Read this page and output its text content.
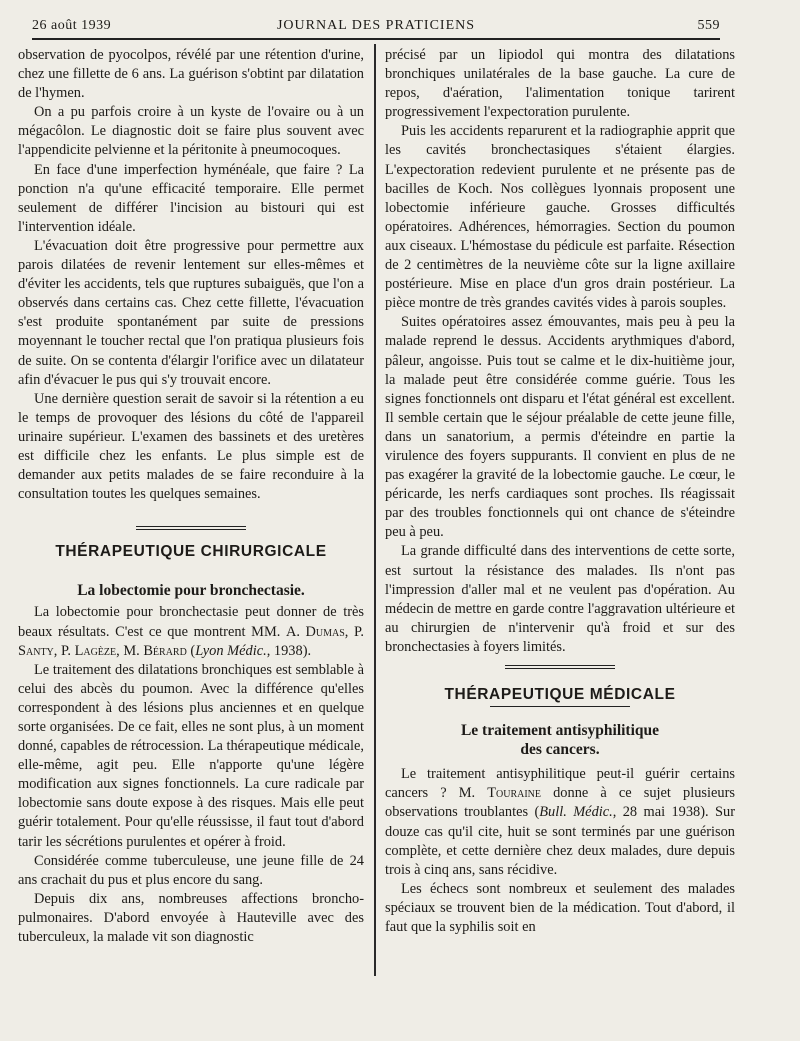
26 août 1939	JOURNAL DES PRATICIENS	559

observation de pyocolpos, révélé par une rétention d'urine, chez une fillette de 6 ans. La guérison s'obtint par dilatation de l'hymen.

On a pu parfois croire à un kyste de l'ovaire ou à un mégacôlon. Le diagnostic doit se faire plus souvent avec l'appendicite pelvienne et la péritonite à pneumocoques.

En face d'une imperfection hyménéale, que faire ? La ponction n'a qu'une efficacité temporaire. Elle permet seulement de différer l'incision au bistouri qui est l'intervention idéale.

L'évacuation doit être progressive pour permettre aux parois dilatées de revenir lentement sur elles-mêmes et d'éviter les accidents, tels que ruptures subaiguës, que l'on a observés dans certains cas. Chez cette fillette, l'évacuation s'est produite spontanément par suite de pressions moyennant le toucher rectal que l'on pratiqua plusieurs fois de suite. On se contenta d'élargir l'orifice avec un dilatateur afin d'évacuer le pus qui s'y trouvait encore.

Une dernière question serait de savoir si la rétention a eu le temps de provoquer des lésions du côté de l'appareil urinaire supérieur. L'examen des bassinets et des uretères est difficile chez les enfants. Le plus simple est de demander aux petits malades de se faire reconduire à la consultation toutes les quelques semaines.

THÉRAPEUTIQUE CHIRURGICALE
La lobectomie pour bronchectasie.

La lobectomie pour bronchectasie peut donner de très beaux résultats. C'est ce que montrent MM. A. Dumas, P. Santy, P. Lagèze, M. Bérard (Lyon Médic., 1938).

Le traitement des dilatations bronchiques est semblable à celui des abcès du poumon. Avec la différence qu'elles correspondent à des lésions plus anciennes et en quelque sorte organisées. De ce fait, elles ne sont plus, à un moment donné, capables de rétrocession. La thérapeutique médicale, elle-même, agit peu. Elle n'apporte qu'une légère modification aux signes fonctionnels. La cure radicale par lobectomie sans doute expose à des risques. Mais elle peut guérir totalement. Pour qu'elle réussisse, il faut tout d'abord tarir les sécrétions purulentes et opérer à froid.

Considérée comme tuberculeuse, une jeune fille de 24 ans crachait du pus et plus encore du sang.

Depuis dix ans, nombreuses affections broncho-pulmonaires. D'abord envoyée à Hauteville avec des tuberculeux, la malade vit son diagnostic

précisé par un lipiodol qui montra des dilatations bronchiques unilatérales de la base gauche. La cure de repos, d'aération, l'alimentation tonique tarirent progressivement l'expectoration purulente.

Puis les accidents reparurent et la radiographie apprit que les cavités bronchectasiques s'étaient élargies. L'expectoration redevient purulente et ne présente pas de bacilles de Koch. Nos collègues lyonnais proposent une lobectomie inférieure gauche. Grosses difficultés opératoires. Adhérences, hémorragies. Section du poumon aux ciseaux. L'hémostase du pédicule est parfaite. Résection de 2 centimètres de la neuvième côte sur la ligne axillaire postérieure. Mise en place d'un gros drain postérieur. La pièce montre de très grandes cavités vides à parois souples.

Suites opératoires assez émouvantes, mais peu à peu la malade reprend le dessus. Accidents arythmiques d'abord, pâleur, angoisse. Puis tout se calme et le dix-huitième jour, la malade peut être considérée comme guérie. Tous les signes fonctionnels ont disparu et l'état général est excellent. Il semble certain que le séjour préalable de cette jeune fille, dans un sanatorium, a permis d'éteindre en partie la virulence des foyers suppurants. Il convient en plus de ne pas exagérer la gravité de la lobectomie gauche. Le cœur, le péricarde, les nerfs cardiaques sont proches. Ils réagissait par des troubles fonctionnels qui ont chance de s'éteindre peu à peu.

La grande difficulté dans des interventions de cette sorte, est surtout la résistance des malades. Ils n'ont pas l'impression d'aller mal et ne veulent pas d'opération. Au médecin de mettre en garde contre l'aggravation ultérieure et au chirurgien de n'intervenir qu'à froid et sur des bronchectasies à foyers limités.

THÉRAPEUTIQUE MÉDICALE
Le traitement antisyphilitique
des cancers.

Le traitement antisyphilitique peut-il guérir certains cancers ? M. Touraine donne à ce sujet plusieurs observations troublantes (Bull. Médic., 28 mai 1938). Sur douze cas qu'il cite, huit se sont terminés par une guérison complète, et cette dernière chez deux malades, dure depuis trois à cinq ans, sans récidive.

Les échecs sont nombreux et seulement des malades spéciaux se trouvent bien de la médication. Tout d'abord, il faut que la syphilis soit en
